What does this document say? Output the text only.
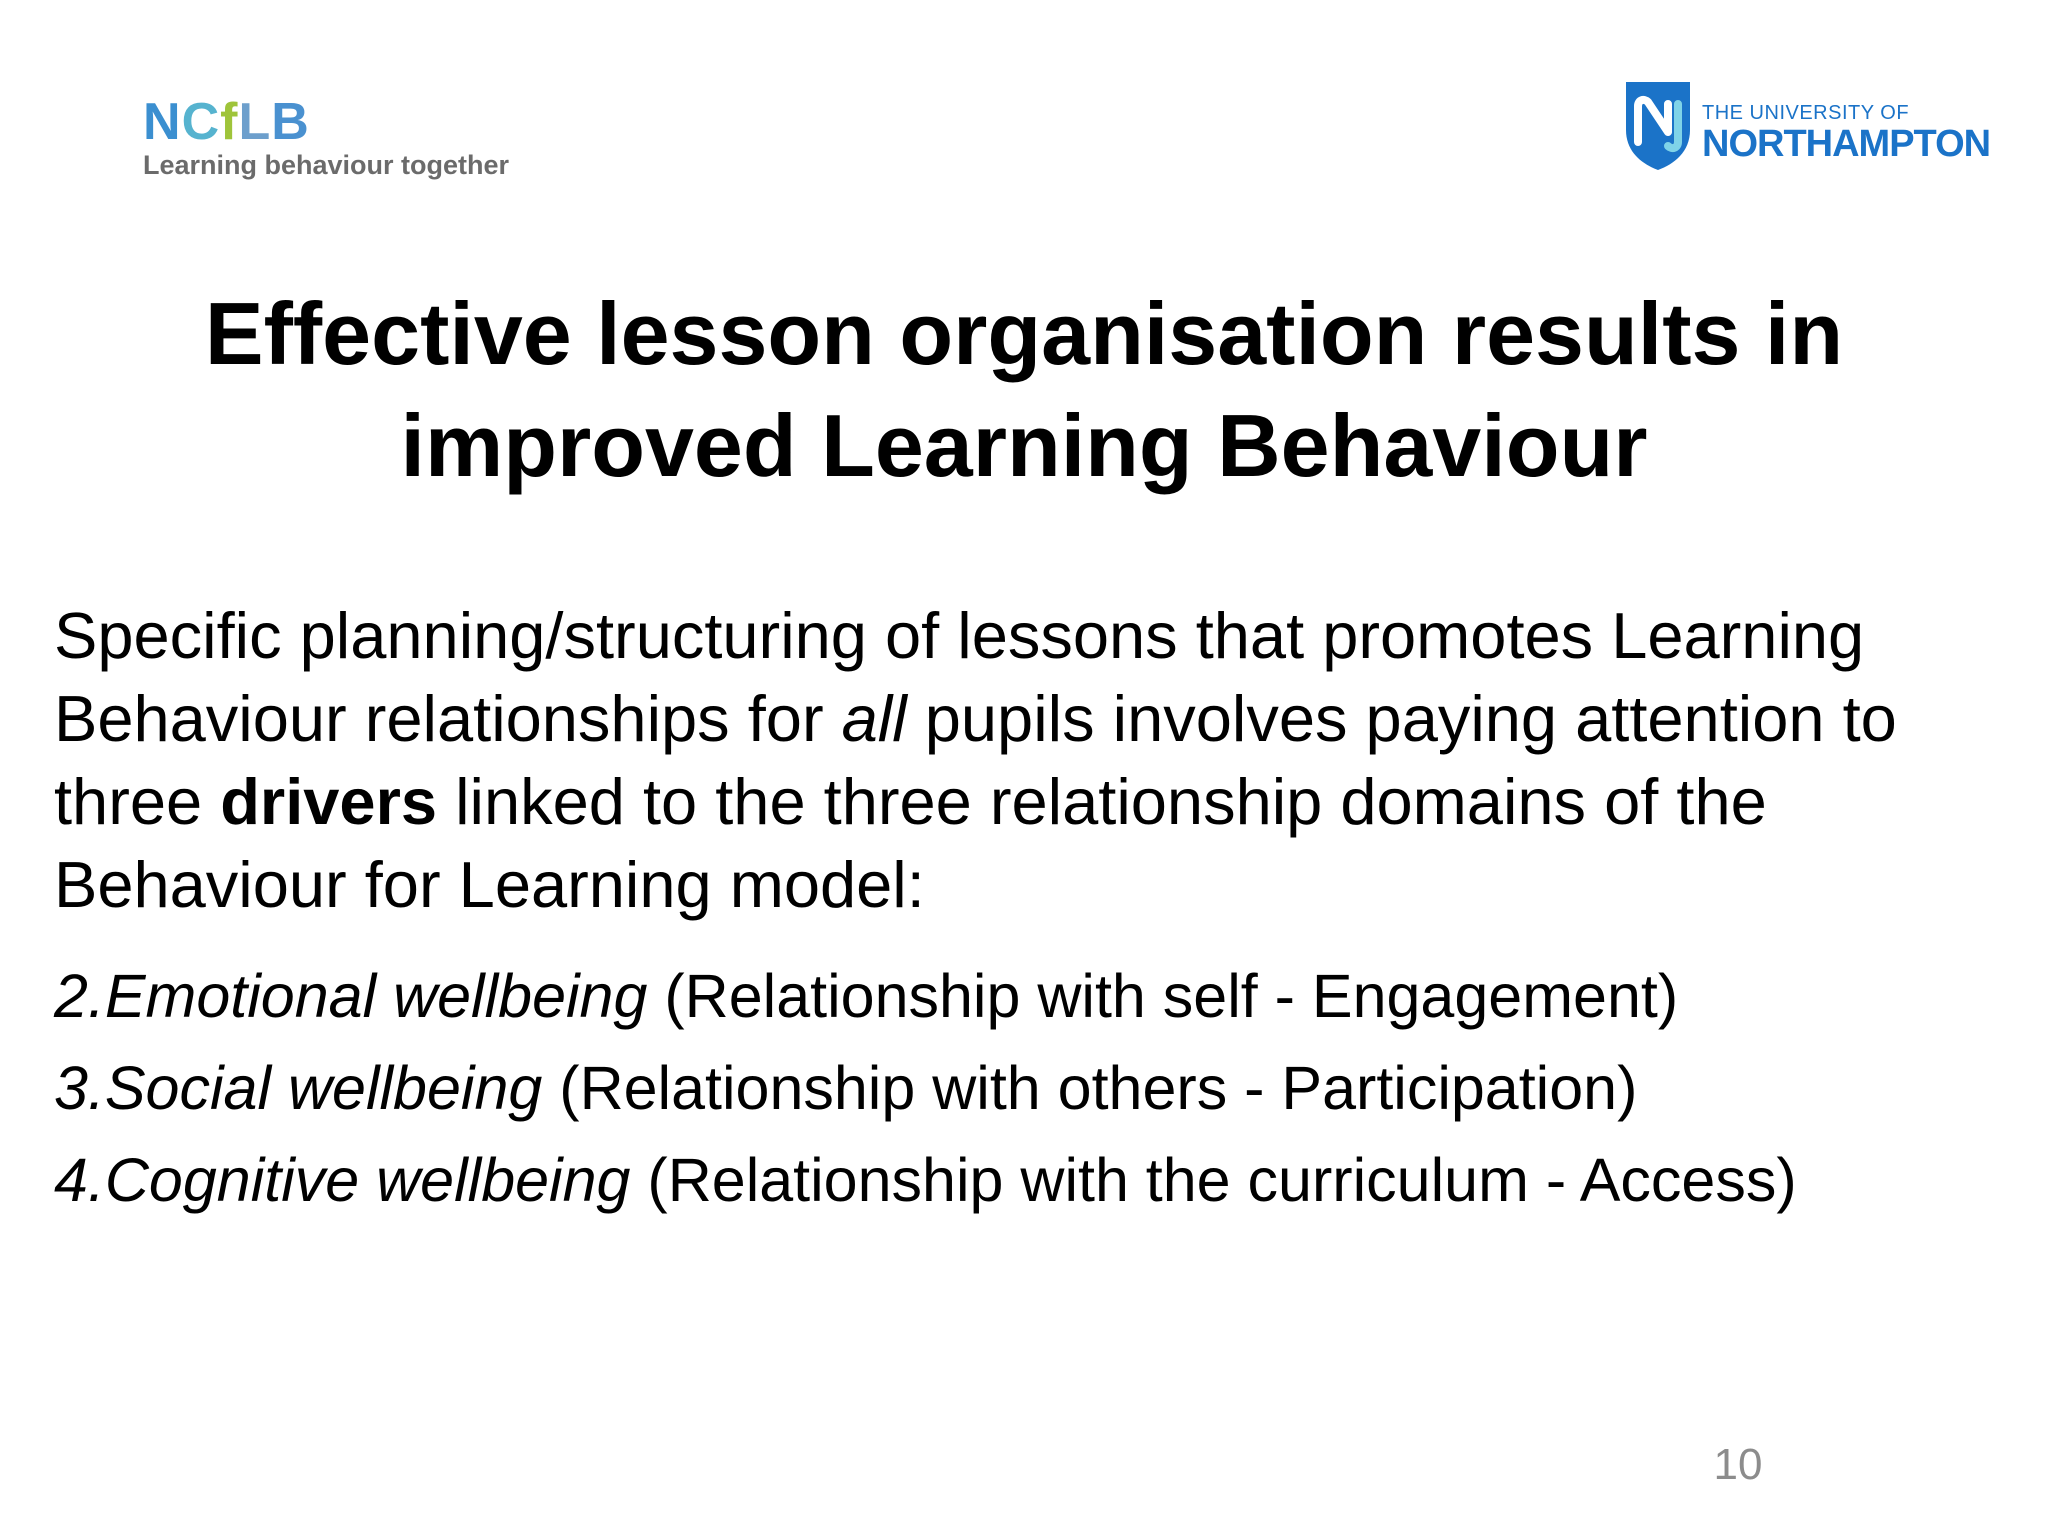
NCfLB
Learning behaviour together
THE UNIVERSITY OF
NORTHAMPTON
Effective lesson organisation results in
improved Learning Behaviour
Specific planning/structuring of lessons that promotes Learning Behaviour relationships for all pupils involves paying attention to three drivers linked to the three relationship domains of the Behaviour for Learning model:
2.Emotional wellbeing (Relationship with self - Engagement)
3.Social wellbeing (Relationship with others - Participation)
4.Cognitive wellbeing (Relationship with the curriculum - Access)
10
